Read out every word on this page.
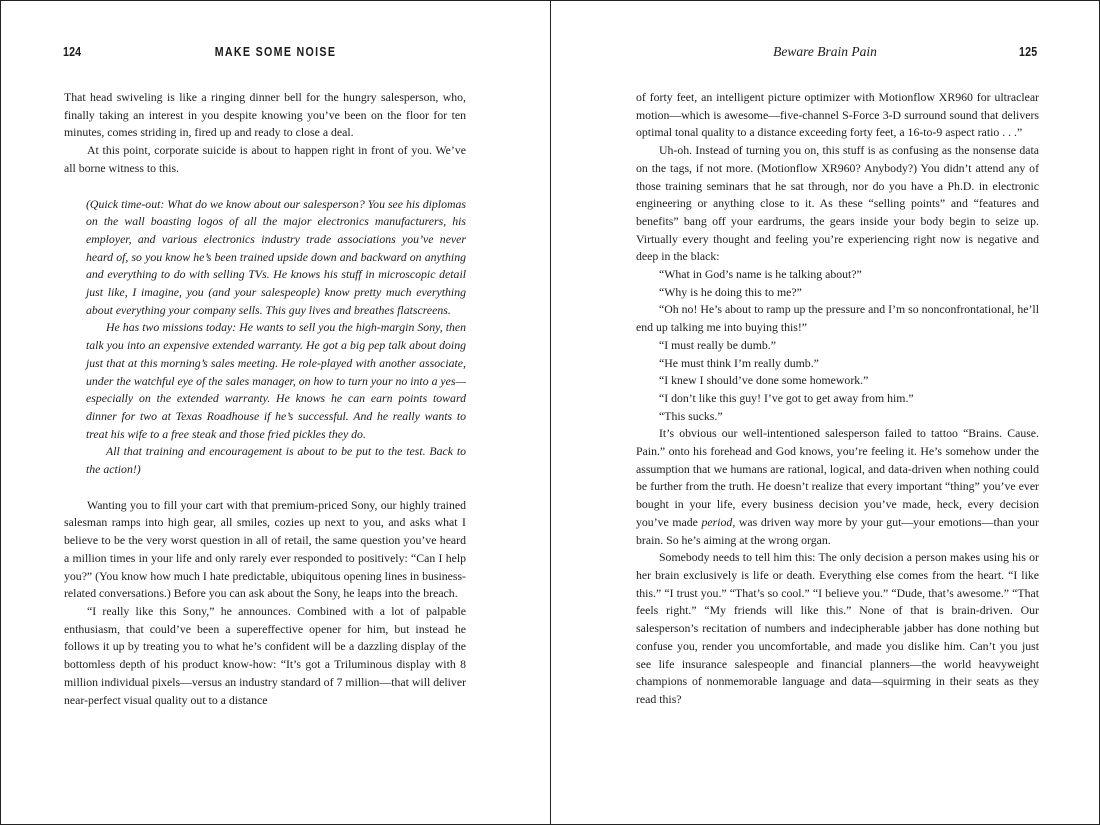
124	MAKE SOME NOISE

That head swiveling is like a ringing dinner bell for the hungry salesperson, who, finally taking an interest in you despite knowing you’ve been on the floor for ten minutes, comes striding in, fired up and ready to close a deal.

At this point, corporate suicide is about to happen right in front of you. We’ve all borne witness to this.

(Quick time-out: What do we know about our salesperson? You see his diplomas on the wall boasting logos of all the major electronics manufacturers, his employer, and various electronics industry trade associations you’ve never heard of, so you know he’s been trained upside down and backward on anything and everything to do with selling TVs. He knows his stuff in microscopic detail just like, I imagine, you (and your salespeople) know pretty much everything about everything your company sells. This guy lives and breathes flatscreens.

He has two missions today: He wants to sell you the high-margin Sony, then talk you into an expensive extended warranty. He got a big pep talk about doing just that at this morning’s sales meeting. He role-played with another associate, under the watchful eye of the sales manager, on how to turn your no into a yes—especially on the extended warranty. He knows he can earn points toward dinner for two at Texas Roadhouse if he’s successful. And he really wants to treat his wife to a free steak and those fried pickles they do.

All that training and encouragement is about to be put to the test. Back to the action!)

Wanting you to fill your cart with that premium-priced Sony, our highly trained salesman ramps into high gear, all smiles, cozies up next to you, and asks what I believe to be the very worst question in all of retail, the same question you’ve heard a million times in your life and only rarely ever responded to positively: “Can I help you?” (You know how much I hate predictable, ubiquitous opening lines in business-related conversations.) Before you can ask about the Sony, he leaps into the breach.

“I really like this Sony,” he announces. Combined with a lot of palpable enthusiasm, that could’ve been a supereffective opener for him, but instead he follows it up by treating you to what he’s confident will be a dazzling display of the bottomless depth of his product know-how: “It’s got a Triluminous display with 8 million individual pixels—versus an industry standard of 7 million—that will deliver near-perfect visual quality out to a distance

Beware Brain Pain	125

of forty feet, an intelligent picture optimizer with Motionflow XR960 for ultraclear motion—which is awesome—five-channel S-Force 3-D surround sound that delivers optimal tonal quality to a distance exceeding forty feet, a 16-to-9 aspect ratio . . .”

Uh-oh. Instead of turning you on, this stuff is as confusing as the nonsense data on the tags, if not more. (Motionflow XR960? Anybody?) You didn’t attend any of those training seminars that he sat through, nor do you have a Ph.D. in electronic engineering or anything close to it. As these “selling points” and “features and benefits” bang off your eardrums, the gears inside your body begin to seize up. Virtually every thought and feeling you’re experiencing right now is negative and deep in the black:

“What in God’s name is he talking about?”

“Why is he doing this to me?”

“Oh no! He’s about to ramp up the pressure and I’m so nonconfrontational, he’ll end up talking me into buying this!”

“I must really be dumb.”

“He must think I’m really dumb.”

“I knew I should’ve done some homework.”

“I don’t like this guy! I’ve got to get away from him.”

“This sucks.”

It’s obvious our well-intentioned salesperson failed to tattoo “Brains. Cause. Pain.” onto his forehead and God knows, you’re feeling it. He’s somehow under the assumption that we humans are rational, logical, and data-driven when nothing could be further from the truth. He doesn’t realize that every important “thing” you’ve ever bought in your life, every business decision you’ve made, heck, every decision you’ve made period, was driven way more by your gut—your emotions—than your brain. So he’s aiming at the wrong organ.

Somebody needs to tell him this: The only decision a person makes using his or her brain exclusively is life or death. Everything else comes from the heart. “I like this.” “I trust you.” “That’s so cool.” “I believe you.” “Dude, that’s awesome.” “That feels right.” “My friends will like this.” None of that is brain-driven. Our salesperson’s recitation of numbers and indecipherable jabber has done nothing but confuse you, render you uncomfortable, and made you dislike him. Can’t you just see life insurance salespeople and financial planners—the world heavyweight champions of nonmemorable language and data—squirming in their seats as they read this?
